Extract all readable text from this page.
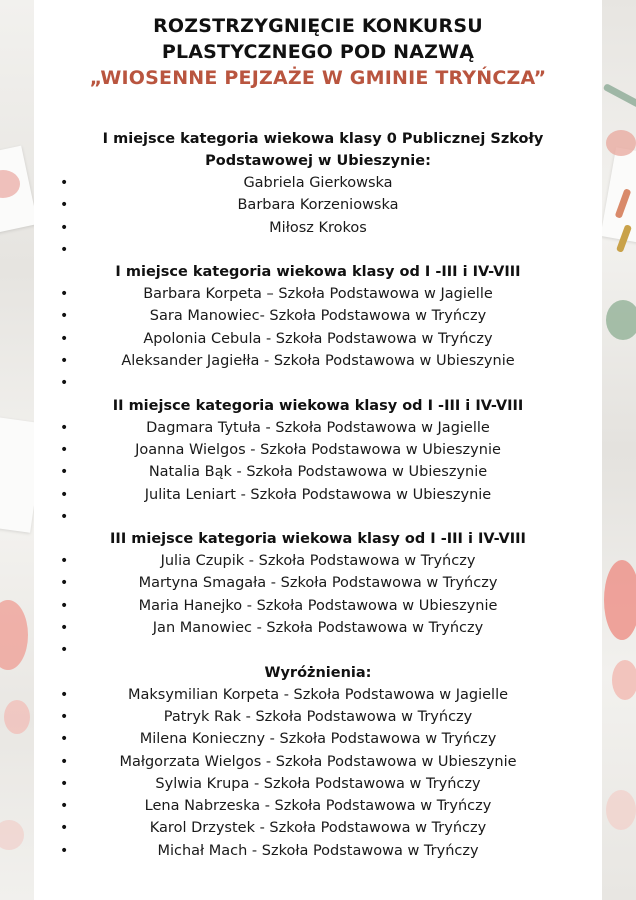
ROZSTRZYGNIĘCIE KONKURSU
PLASTYCZNEGO POD NAZWĄ
„WIOSENNE PEJZAŻE W GMINIE TRYŃCZA”
I miejsce kategoria wiekowa klasy 0 Publicznej Szkoły
Podstawowej w Ubieszynie:
•	Gabriela Gierkowska
•	Barbara Korzeniowska
•	Miłosz Krokos
•
I miejsce kategoria wiekowa klasy od I -III i IV-VIII
•	Barbara Korpeta – Szkoła Podstawowa w Jagielle
•	Sara Manowiec- Szkoła Podstawowa w Tryńczy
•	Apolonia Cebula - Szkoła Podstawowa w Tryńczy
•	Aleksander Jagiełła - Szkoła Podstawowa w Ubieszynie
•
II miejsce kategoria wiekowa klasy od I -III i IV-VIII
•	Dagmara Tytuła - Szkoła Podstawowa w Jagielle
•	Joanna Wielgos - Szkoła Podstawowa w Ubieszynie
•	Natalia Bąk - Szkoła Podstawowa w Ubieszynie
•	Julita Leniart - Szkoła Podstawowa w Ubieszynie
•
III miejsce kategoria wiekowa klasy od I -III i IV-VIII
•	Julia Czupik - Szkoła Podstawowa w Tryńczy
•	Martyna Smagała - Szkoła Podstawowa w Tryńczy
•	Maria Hanejko - Szkoła Podstawowa w Ubieszynie
•	Jan Manowiec - Szkoła Podstawowa w Tryńczy
•
Wyróżnienia:
•	Maksymilian Korpeta - Szkoła Podstawowa w Jagielle
•	Patryk Rak - Szkoła Podstawowa w Tryńczy
•	Milena Konieczny - Szkoła Podstawowa w Tryńczy
•	Małgorzata Wielgos - Szkoła Podstawowa w Ubieszynie
•	Sylwia Krupa - Szkoła Podstawowa w Tryńczy
•	Lena Nabrzeska - Szkoła Podstawowa w Tryńczy
•	Karol Drzystek - Szkoła Podstawowa w Tryńczy
•	Michał Mach - Szkoła Podstawowa w Tryńczy
